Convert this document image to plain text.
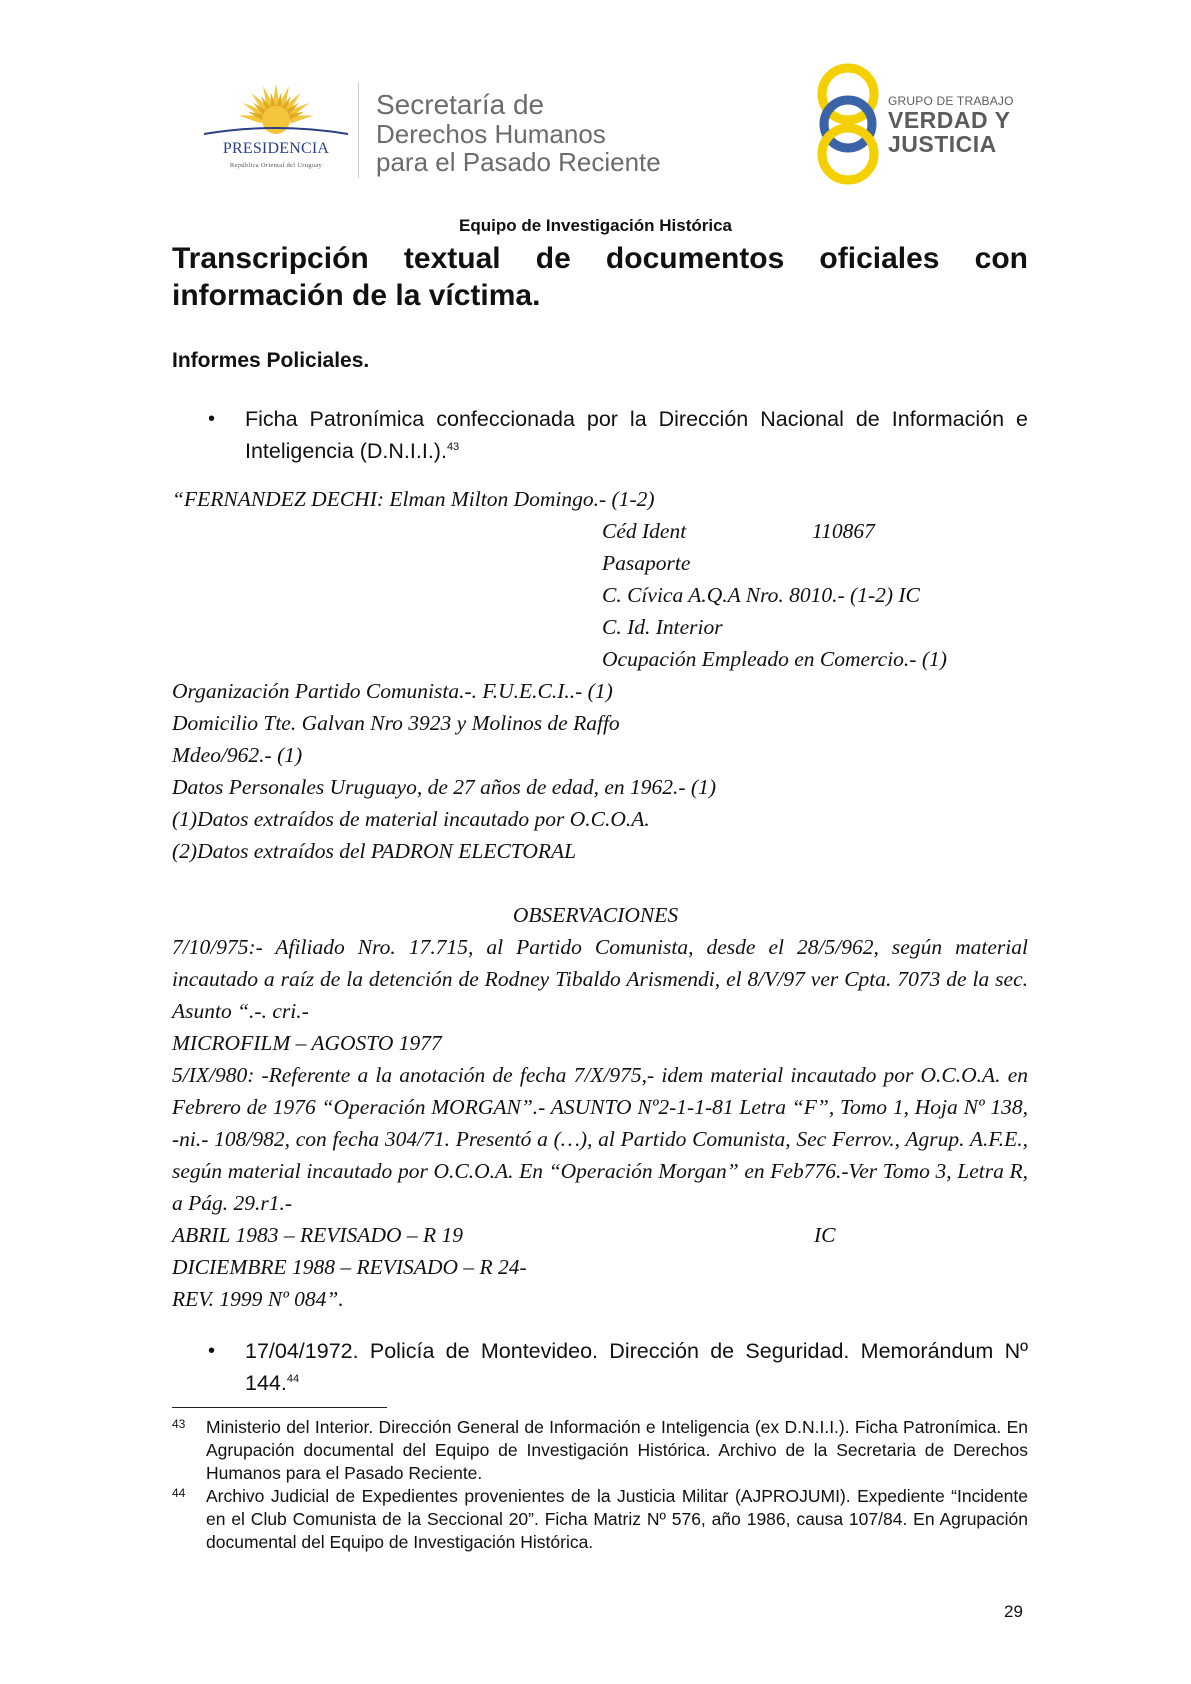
PRESIDENCIA
República Oriental del Uruguay
Secretaría de
Derechos Humanos
para el Pasado Reciente
GRUPO DE TRABAJO
VERDAD Y
JUSTICIA
Equipo de Investigación Histórica
Transcripción textual de documentos oficiales con información de la víctima.
Informes Policiales.
• Ficha Patronímica confeccionada por la Dirección Nacional de Información e Inteligencia (D.N.I.I.).$^{43}$
“FERNANDEZ DECHI: Elman Milton Domingo.- (1-2)
Céd Ident	110867
Pasaporte
C. Cívica A.Q.A Nro. 8010.- (1-2) IC
C. Id. Interior
Ocupación Empleado en Comercio.- (1)
Organización Partido Comunista.-. F.U.E.C.I..- (1)
Domicilio Tte. Galvan Nro 3923 y Molinos de Raffo
Mdeo/962.- (1)
Datos Personales Uruguayo, de 27 años de edad, en 1962.- (1)
(1)Datos extraídos de material incautado por O.C.O.A.
(2)Datos extraídos del PADRON ELECTORAL
OBSERVACIONES
7/10/975:- Afiliado Nro. 17.715, al Partido Comunista, desde el 28/5/962, según material incautado a raíz de la detención de Rodney Tibaldo Arismendi, el 8/V/97 ver Cpta. 7073 de la sec. Asunto “.-. cri.-
MICROFILM – AGOSTO 1977
5/IX/980: -Referente a la anotación de fecha 7/X/975,- idem material incautado por O.C.O.A. en Febrero de 1976 “Operación MORGAN”.- ASUNTO Nº2-1-1-81 Letra “F”, Tomo 1, Hoja Nº 138, -ni.- 108/982, con fecha 304/71. Presentó a (…), al Partido Comunista, Sec Ferrov., Agrup. A.F.E., según material incautado por O.C.O.A. En “Operación Morgan” en Feb776.-Ver Tomo 3, Letra R, a Pág. 29.r1.-
ABRIL 1983 – REVISADO – R 19	IC
DICIEMBRE 1988 – REVISADO – R 24-
REV. 1999 Nº 084”.
• 17/04/1972. Policía de Montevideo. Dirección de Seguridad. Memorándum Nº 144.44
43 Ministerio del Interior. Dirección General de Información e Inteligencia (ex D.N.I.I.). Ficha Patronímica. En Agrupación documental del Equipo de Investigación Histórica. Archivo de la Secretaria de Derechos Humanos para el Pasado Reciente.
44 Archivo Judicial de Expedientes provenientes de la Justicia Militar (AJPROJUMI). Expediente “Incidente en el Club Comunista de la Seccional 20”. Ficha Matriz Nº 576, año 1986, causa 107/84. En Agrupación documental del Equipo de Investigación Histórica.
29
